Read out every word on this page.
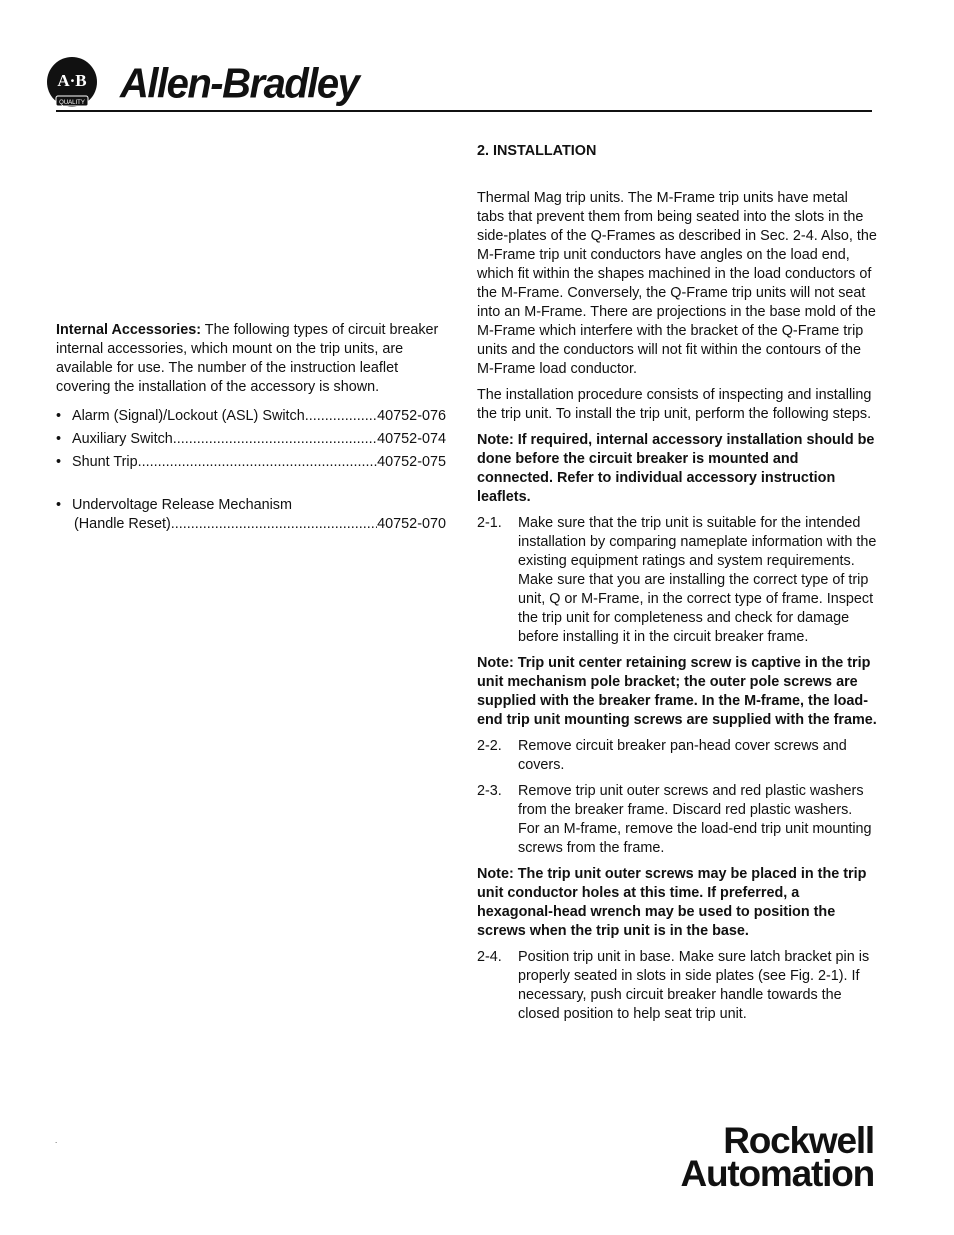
A·B
QUALITY Allen-Bradley

Internal Accessories: The following types of circuit breaker internal accessories, which mount on the trip units, are available for use. The number of the instruction leaflet covering the installation of the accessory is shown.

• Alarm (Signal)/Lockout (ASL) Switch .....	40752-076
• Auxiliary Switch .....	40752-074
• Shunt Trip .....	40752-075
• Undervoltage Release Mechanism
(Handle Reset) .....	40752-070

2. INSTALLATION

Thermal Mag trip units. The M-Frame trip units have metal tabs that prevent them from being seated into the slots in the side-plates of the Q-Frames as described in Sec. 2-4. Also, the M-Frame trip unit conductors have angles on the load end, which fit within the shapes machined in the load conductors of the M-Frame. Conversely, the Q-Frame trip units will not seat into an M-Frame. There are projections in the base mold of the M-Frame which interfere with the bracket of the Q-Frame trip units and the conductors will not fit within the contours of the M-Frame load conductor.

The installation procedure consists of inspecting and installing the trip unit. To install the trip unit, perform the following steps.

Note: If required, internal accessory installation should be done before the circuit breaker is mounted and connected. Refer to individual accessory instruction leaflets.

2-1.	Make sure that the trip unit is suitable for the intended installation by comparing nameplate information with the existing equipment ratings and system requirements. Make sure that you are installing the correct type of trip unit, Q or M-Frame, in the correct type of frame. Inspect the trip unit for completeness and check for damage before installing it in the circuit breaker frame.

Note: Trip unit center retaining screw is captive in the trip unit mechanism pole bracket; the outer pole screws are supplied with the breaker frame. In the M-frame, the load-end trip unit mounting screws are supplied with the frame.

2-2.	Remove circuit breaker pan-head cover screws and covers.
2-3.	Remove trip unit outer screws and red plastic washers from the breaker frame. Discard red plastic washers. For an M-frame, remove the load-end trip unit mounting screws from the frame.

Note: The trip unit outer screws may be placed in the trip unit conductor holes at this time. If preferred, a hexagonal-head wrench may be used to position the screws when the trip unit is in the base.

2-4.	Position trip unit in base. Make sure latch bracket pin is properly seated in slots in side plates (see Fig. 2-1). If necessary, push circuit breaker handle towards the closed position to help seat trip unit.
.	Rockwell
Automation
